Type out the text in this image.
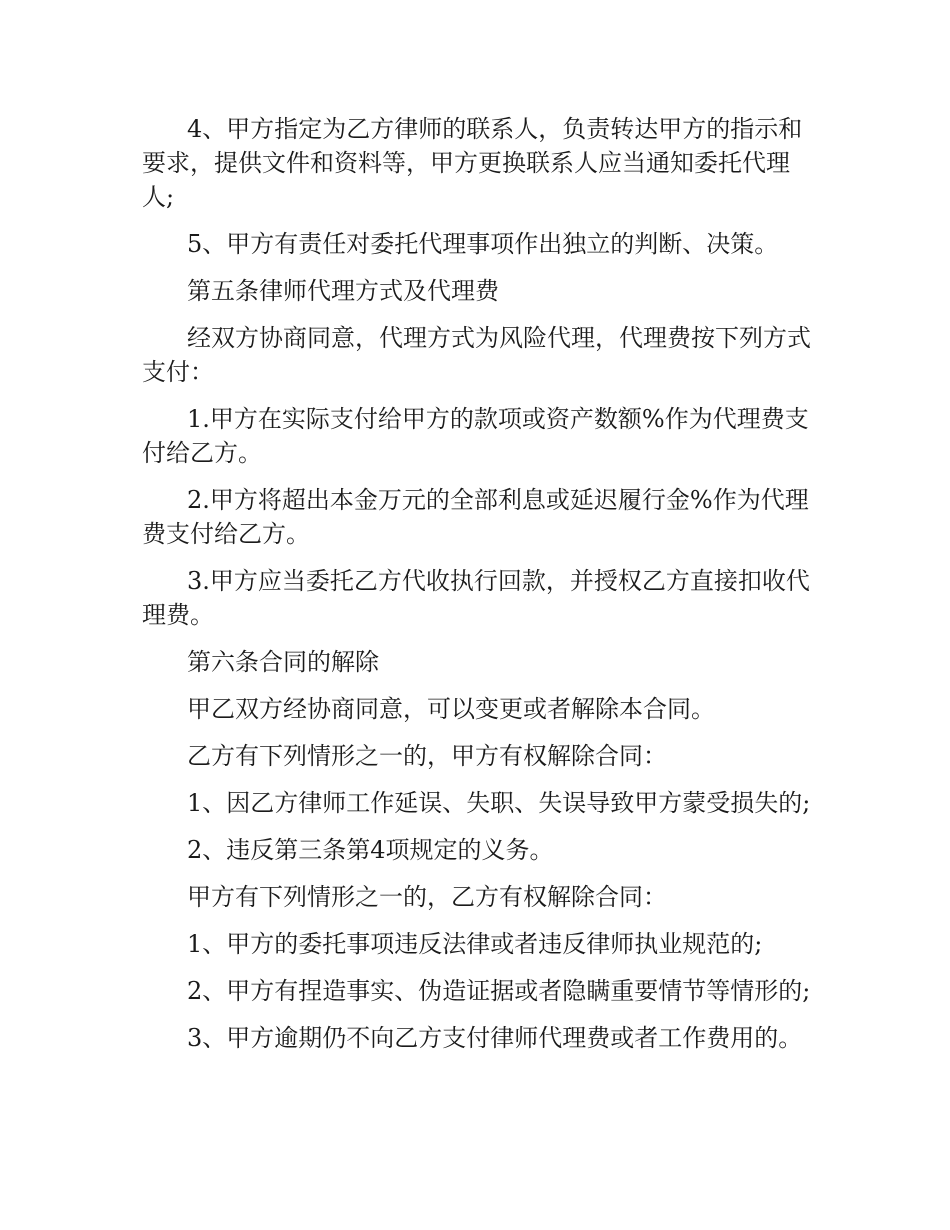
4、甲方指定为乙方律师的联系人，负责转达甲方的指示和要求，提供文件和资料等，甲方更换联系人应当通知委托代理人;

5、甲方有责任对委托代理事项作出独立的判断、决策。

第五条律师代理方式及代理费

经双方协商同意，代理方式为风险代理，代理费按下列方式支付：

1.甲方在实际支付给甲方的款项或资产数额%作为代理费支付给乙方。

2.甲方将超出本金万元的全部利息或延迟履行金%作为代理费支付给乙方。

3.甲方应当委托乙方代收执行回款，并授权乙方直接扣收代理费。

第六条合同的解除

甲乙双方经协商同意，可以变更或者解除本合同。

乙方有下列情形之一的，甲方有权解除合同：

1、因乙方律师工作延误、失职、失误导致甲方蒙受损失的;

2、违反第三条第4项规定的义务。

甲方有下列情形之一的，乙方有权解除合同：

1、甲方的委托事项违反法律或者违反律师执业规范的;

2、甲方有捏造事实、伪造证据或者隐瞒重要情节等情形的;

3、甲方逾期仍不向乙方支付律师代理费或者工作费用的。
